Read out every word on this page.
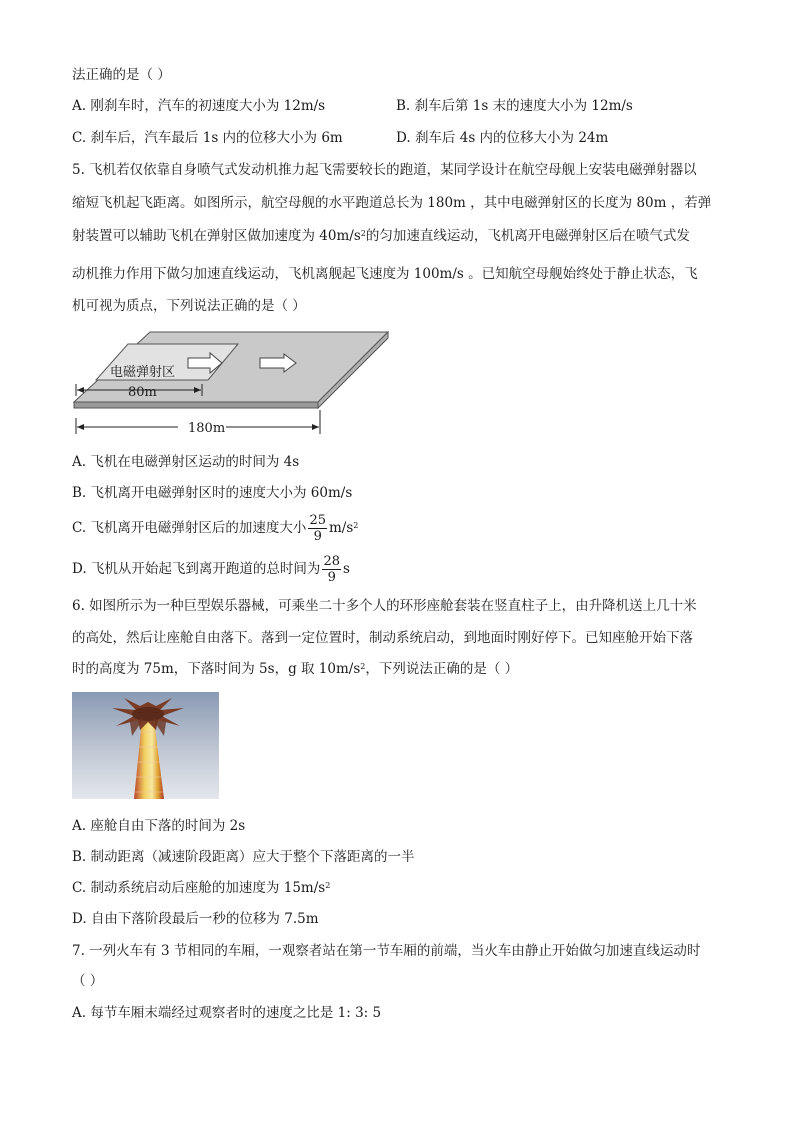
法正确的是（ ）
A. 刚刹车时，汽车的初速度大小为 12m/s	B. 刹车后第 1s 末的速度大小为 12m/s
C. 刹车后，汽车最后 1s 内的位移大小为 6m	D. 刹车后 4s 内的位移大小为 24m
5. 飞机若仅依靠自身喷气式发动机推力起飞需要较长的跑道，某同学设计在航空母舰上安装电磁弹射器以
缩短飞机起飞距离。如图所示，航空母舰的水平跑道总长为 180m ，其中电磁弹射区的长度为 80m ，若弹
射装置可以辅助飞机在弹射区做加速度为 $40m/s^2$的匀加速直线运动，飞机离开电磁弹射区后在喷气式发
动机推力作用下做匀加速直线运动，飞机离舰起飞速度为 100m/s 。已知航空母舰始终处于静止状态，飞
机可视为质点，下列说法正确的是（ ）
电磁弹射区
80m
180m
A. 飞机在电磁弹射区运动的时间为 4s
B. 飞机离开电磁弹射区时的速度大小为 60m/s
C. 飞机离开电磁弹射区后的加速度大小 $\frac{25}{9} m/s^2$
D. 飞机从开始起飞到离开跑道的总时间为 $\frac{28}{9}$ s
6. 如图所示为一种巨型娱乐器械，可乘坐二十多个人的环形座舱套装在竖直柱子上，由升降机送上几十米
的高处，然后让座舱自由落下。落到一定位置时，制动系统启动，到地面时刚好停下。已知座舱开始下落
时的高度为 75m，下落时间为 5s，g 取 $10m/s^2$，下列说法正确的是（ ）
A. 座舱自由下落的时间为 2s
B. 制动距离（减速阶段距离）应大于整个下落距离的一半
C. 制动系统启动后座舱的加速度为 $15m/s^2$
D. 自由下落阶段最后一秒的位移为 7.5m
7. 一列火车有 3 节相同的车厢，一观察者站在第一节车厢的前端，当火车由静止开始做匀加速直线运动时
（ ）
A. 每节车厢末端经过观察者时的速度之比是 1: 3: 5
